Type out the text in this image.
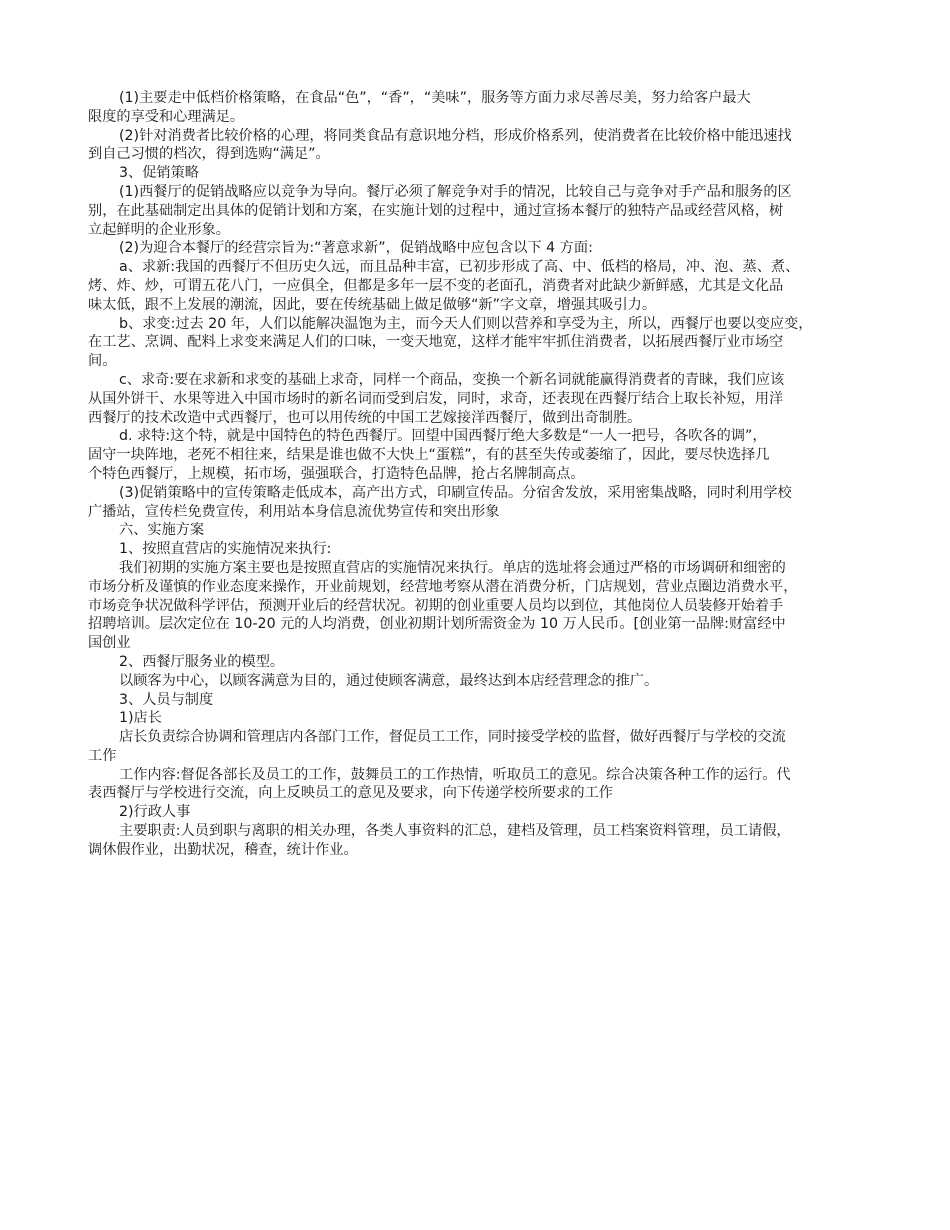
(1)主要走中低档价格策略，在食品“色”，“香”，“美味”，服务等方面力求尽善尽美，努力给客户最大
限度的享受和心理满足。

(2)针对消费者比较价格的心理，将同类食品有意识地分档，形成价格系列，使消费者在比较价格中能迅速找
到自己习惯的档次，得到选购“满足”。

3、促销策略

(1)西餐厅的促销战略应以竞争为导向。餐厅必须了解竞争对手的情况，比较自己与竞争对手产品和服务的区
别，在此基础制定出具体的促销计划和方案，在实施计划的过程中，通过宣扬本餐厅的独特产品或经营风格，树
立起鲜明的企业形象。

(2)为迎合本餐厅的经营宗旨为:“著意求新”，促销战略中应包含以下 4 方面:

a、求新:我国的西餐厅不但历史久远，而且品种丰富，已初步形成了高、中、低档的格局，冲、泡、蒸、煮、
烤、炸、炒，可谓五花八门，一应俱全，但都是多年一层不变的老面孔，消费者对此缺少新鲜感，尤其是文化品
味太低，跟不上发展的潮流，因此，要在传统基础上做足做够“新”字文章，增强其吸引力。

b、求变:过去 20 年，人们以能解决温饱为主，而今天人们则以营养和享受为主，所以，西餐厅也要以变应变，
在工艺、烹调、配料上求变来满足人们的口味，一变天地宽，这样才能牢牢抓住消费者，以拓展西餐厅业市场空
间。

c、求奇:要在求新和求变的基础上求奇，同样一个商品，变换一个新名词就能赢得消费者的青睐，我们应该
从国外饼干、水果等进入中国市场时的新名词而受到启发，同时，求奇，还表现在西餐厅结合上取长补短，用洋
西餐厅的技术改造中式西餐厅，也可以用传统的中国工艺嫁接洋西餐厅，做到出奇制胜。

d. 求特:这个特，就是中国特色的特色西餐厅。回望中国西餐厅绝大多数是“一人一把号，各吹各的调”，
固守一块阵地，老死不相往来，结果是谁也做不大快上“蛋糕”，有的甚至失传或萎缩了，因此，要尽快选择几
个特色西餐厅，上规模，拓市场，强强联合，打造特色品牌，抢占名牌制高点。

(3)促销策略中的宣传策略走低成本，高产出方式，印刷宣传品。分宿舍发放，采用密集战略，同时利用学校
广播站，宣传栏免费宣传，利用站本身信息流优势宣传和突出形象

六、实施方案

1、按照直营店的实施情况来执行:

我们初期的实施方案主要也是按照直营店的实施情况来执行。单店的选址将会通过严格的市场调研和细密的
市场分析及谨慎的作业态度来操作，开业前规划，经营地考察从潜在消费分析，门店规划，营业点圈边消费水平，
市场竞争状况做科学评估，预测开业后的经营状况。初期的创业重要人员均以到位，其他岗位人员装修开始着手
招聘培训。层次定位在 10-20 元的人均消费，创业初期计划所需资金为 10 万人民币。[创业第一品牌:财富经中
国创业

2、西餐厅服务业的模型。

以顾客为中心，以顾客满意为目的，通过使顾客满意，最终达到本店经营理念的推广。

3、人员与制度

1)店长

店长负责综合协调和管理店内各部门工作，督促员工工作，同时接受学校的监督，做好西餐厅与学校的交流
工作

工作内容:督促各部长及员工的工作，鼓舞员工的工作热情，听取员工的意见。综合决策各种工作的运行。代
表西餐厅与学校进行交流，向上反映员工的意见及要求，向下传递学校所要求的工作

2)行政人事

主要职责:人员到职与离职的相关办理，各类人事资料的汇总，建档及管理，员工档案资料管理，员工请假，
调休假作业，出勤状况，稽查，统计作业。
